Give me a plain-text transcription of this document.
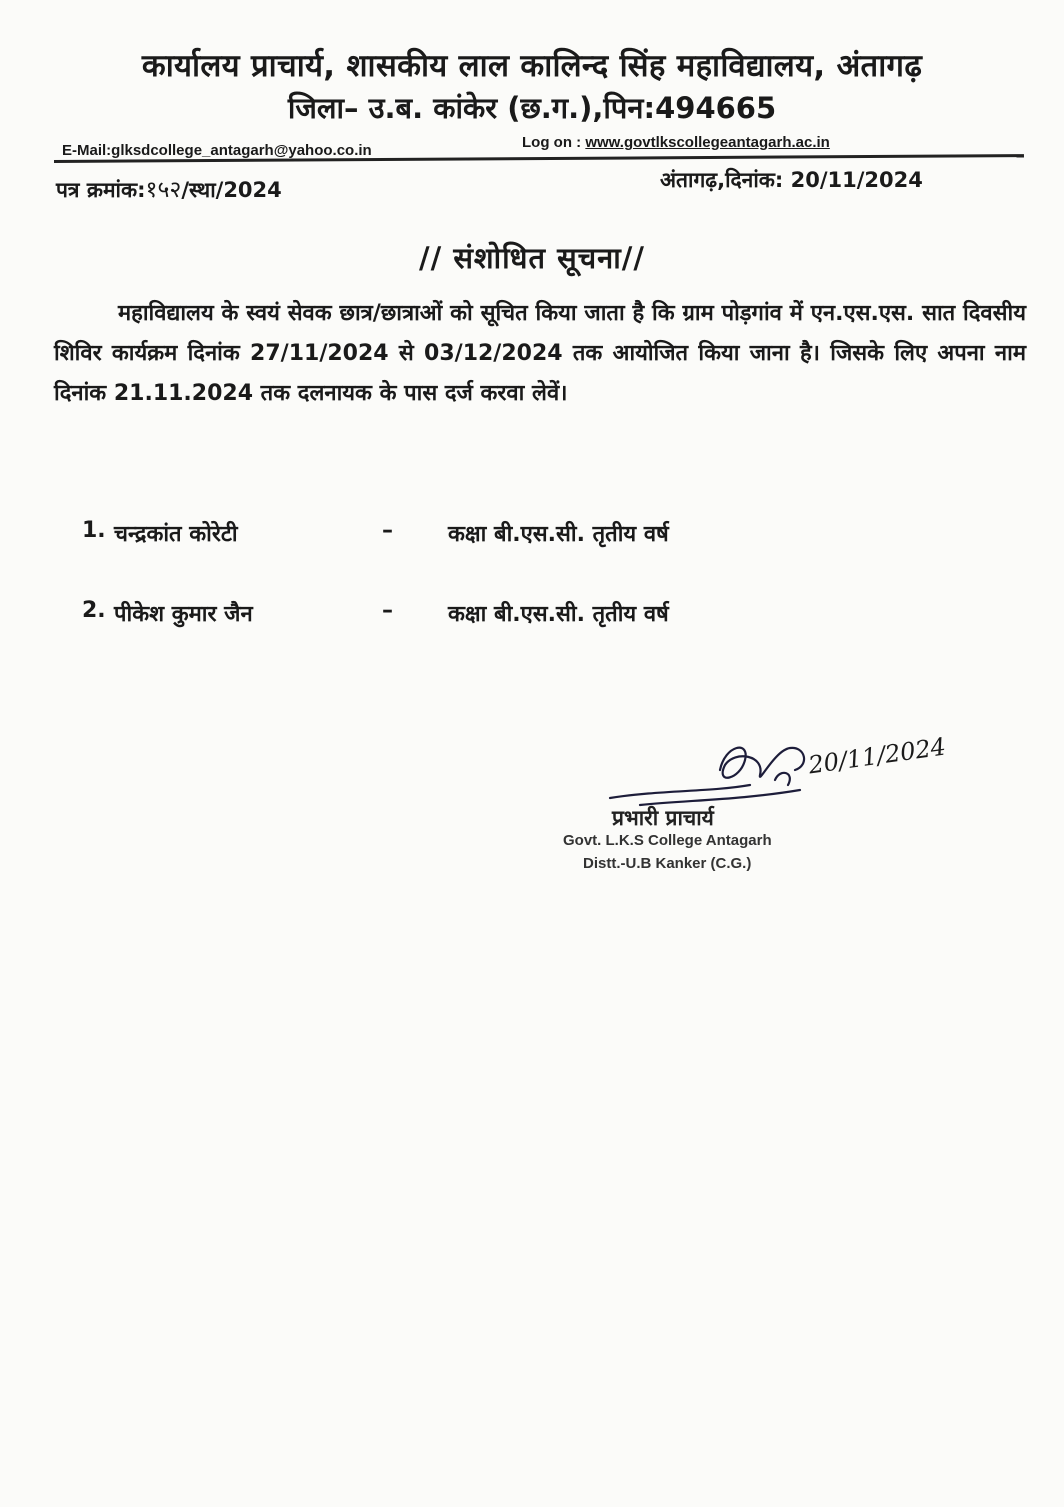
कार्यालय प्राचार्य, शासकीय लाल कालिन्द सिंह महाविद्यालय, अंतागढ़
जिला– उ.ब. कांकेर (छ.ग.),पिन:494665
E-Mail:glksdcollege_antagarh@yahoo.co.in	Log on : www.govtlkscollegeantagarh.ac.in
पत्र क्रमांक:१५२/स्था/2024	अंतागढ़,दिनांक: 20/11/2024
// संशोधित सूचना//
महाविद्यालय के स्वयं सेवक छात्र/छात्राओं को सूचित किया जाता है कि ग्राम पोड़गांव में एन.एस.एस. सात दिवसीय शिविर कार्यक्रम दिनांक 27/11/2024 से 03/12/2024 तक आयोजित किया जाना है। जिसके लिए अपना नाम दिनांक 21.11.2024 तक दलनायक के पास दर्ज करवा लेवें।
1. चन्द्रकांत कोरेटी	–	कक्षा बी.एस.सी. तृतीय वर्ष
2. पीकेश कुमार जैन	–	कक्षा बी.एस.सी. तृतीय वर्ष
20/11/2024
प्रभारी प्राचार्य
Govt. L.K.S College Antagarh
Distt.-U.B Kanker (C.G.)
